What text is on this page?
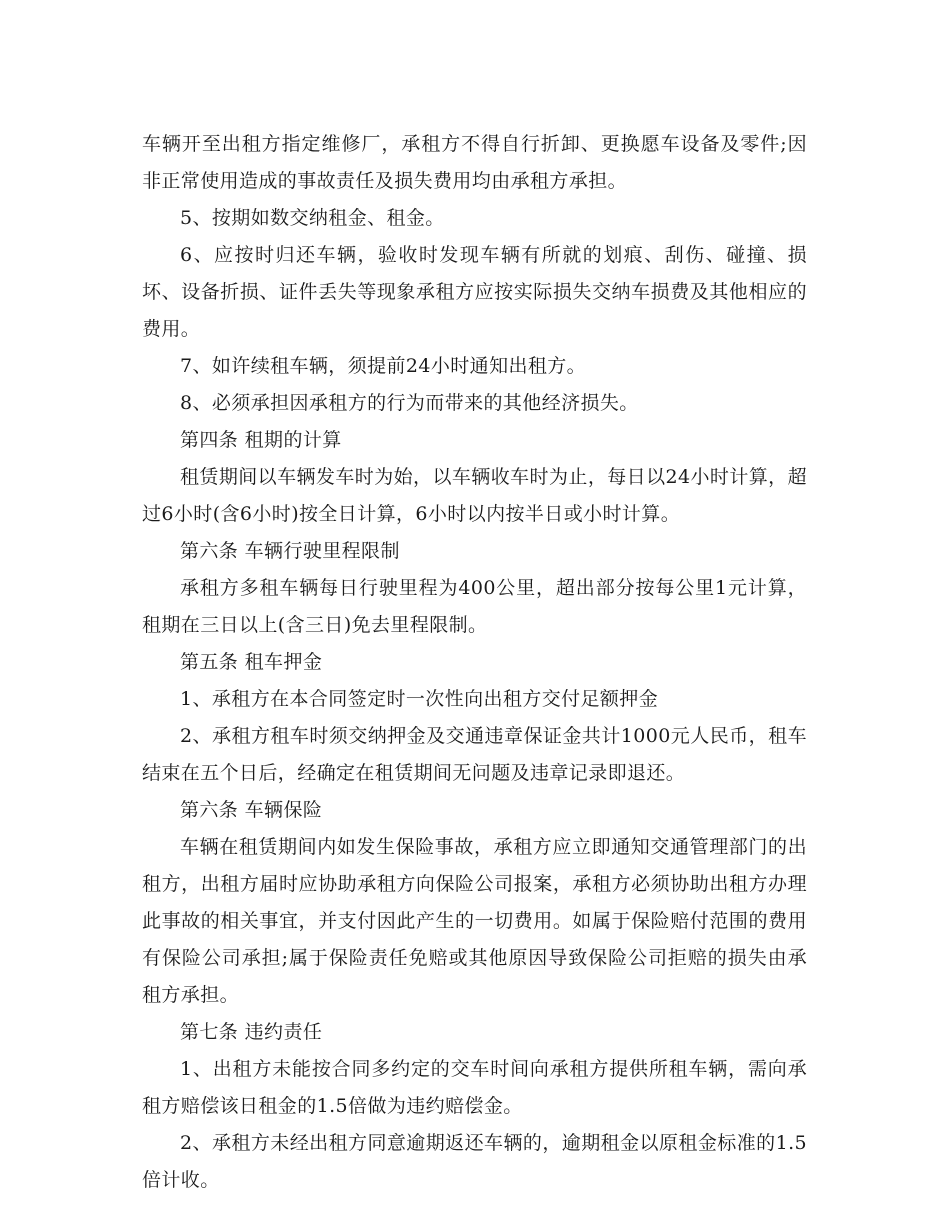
车辆开至出租方指定维修厂，承租方不得自行折卸、更换愿车设备及零件;因非正常使用造成的事故责任及损失费用均由承租方承担。

5、按期如数交纳租金、租金。

6、应按时归还车辆，验收时发现车辆有所就的划痕、刮伤、碰撞、损坏、设备折损、证件丢失等现象承租方应按实际损失交纳车损费及其他相应的费用。

7、如许续租车辆，须提前24小时通知出租方。

8、必须承担因承租方的行为而带来的其他经济损失。

第四条 租期的计算

租赁期间以车辆发车时为始，以车辆收车时为止，每日以24小时计算，超过6小时(含6小时)按全日计算，6小时以内按半日或小时计算。

第六条 车辆行驶里程限制

承租方多租车辆每日行驶里程为400公里，超出部分按每公里1元计算，租期在三日以上(含三日)免去里程限制。

第五条 租车押金

1、承租方在本合同签定时一次性向出租方交付足额押金

2、承租方租车时须交纳押金及交通违章保证金共计1000元人民币，租车结束在五个日后，经确定在租赁期间无问题及违章记录即退还。

第六条 车辆保险

车辆在租赁期间内如发生保险事故，承租方应立即通知交通管理部门的出租方，出租方届时应协助承租方向保险公司报案，承租方必须协助出租方办理此事故的相关事宜，并支付因此产生的一切费用。如属于保险赔付范围的费用有保险公司承担;属于保险责任免赔或其他原因导致保险公司拒赔的损失由承租方承担。

第七条 违约责任

1、出租方未能按合同多约定的交车时间向承租方提供所租车辆，需向承租方赔偿该日租金的1.5倍做为违约赔偿金。

2、承租方未经出租方同意逾期返还车辆的，逾期租金以原租金标准的1.5倍计收。
